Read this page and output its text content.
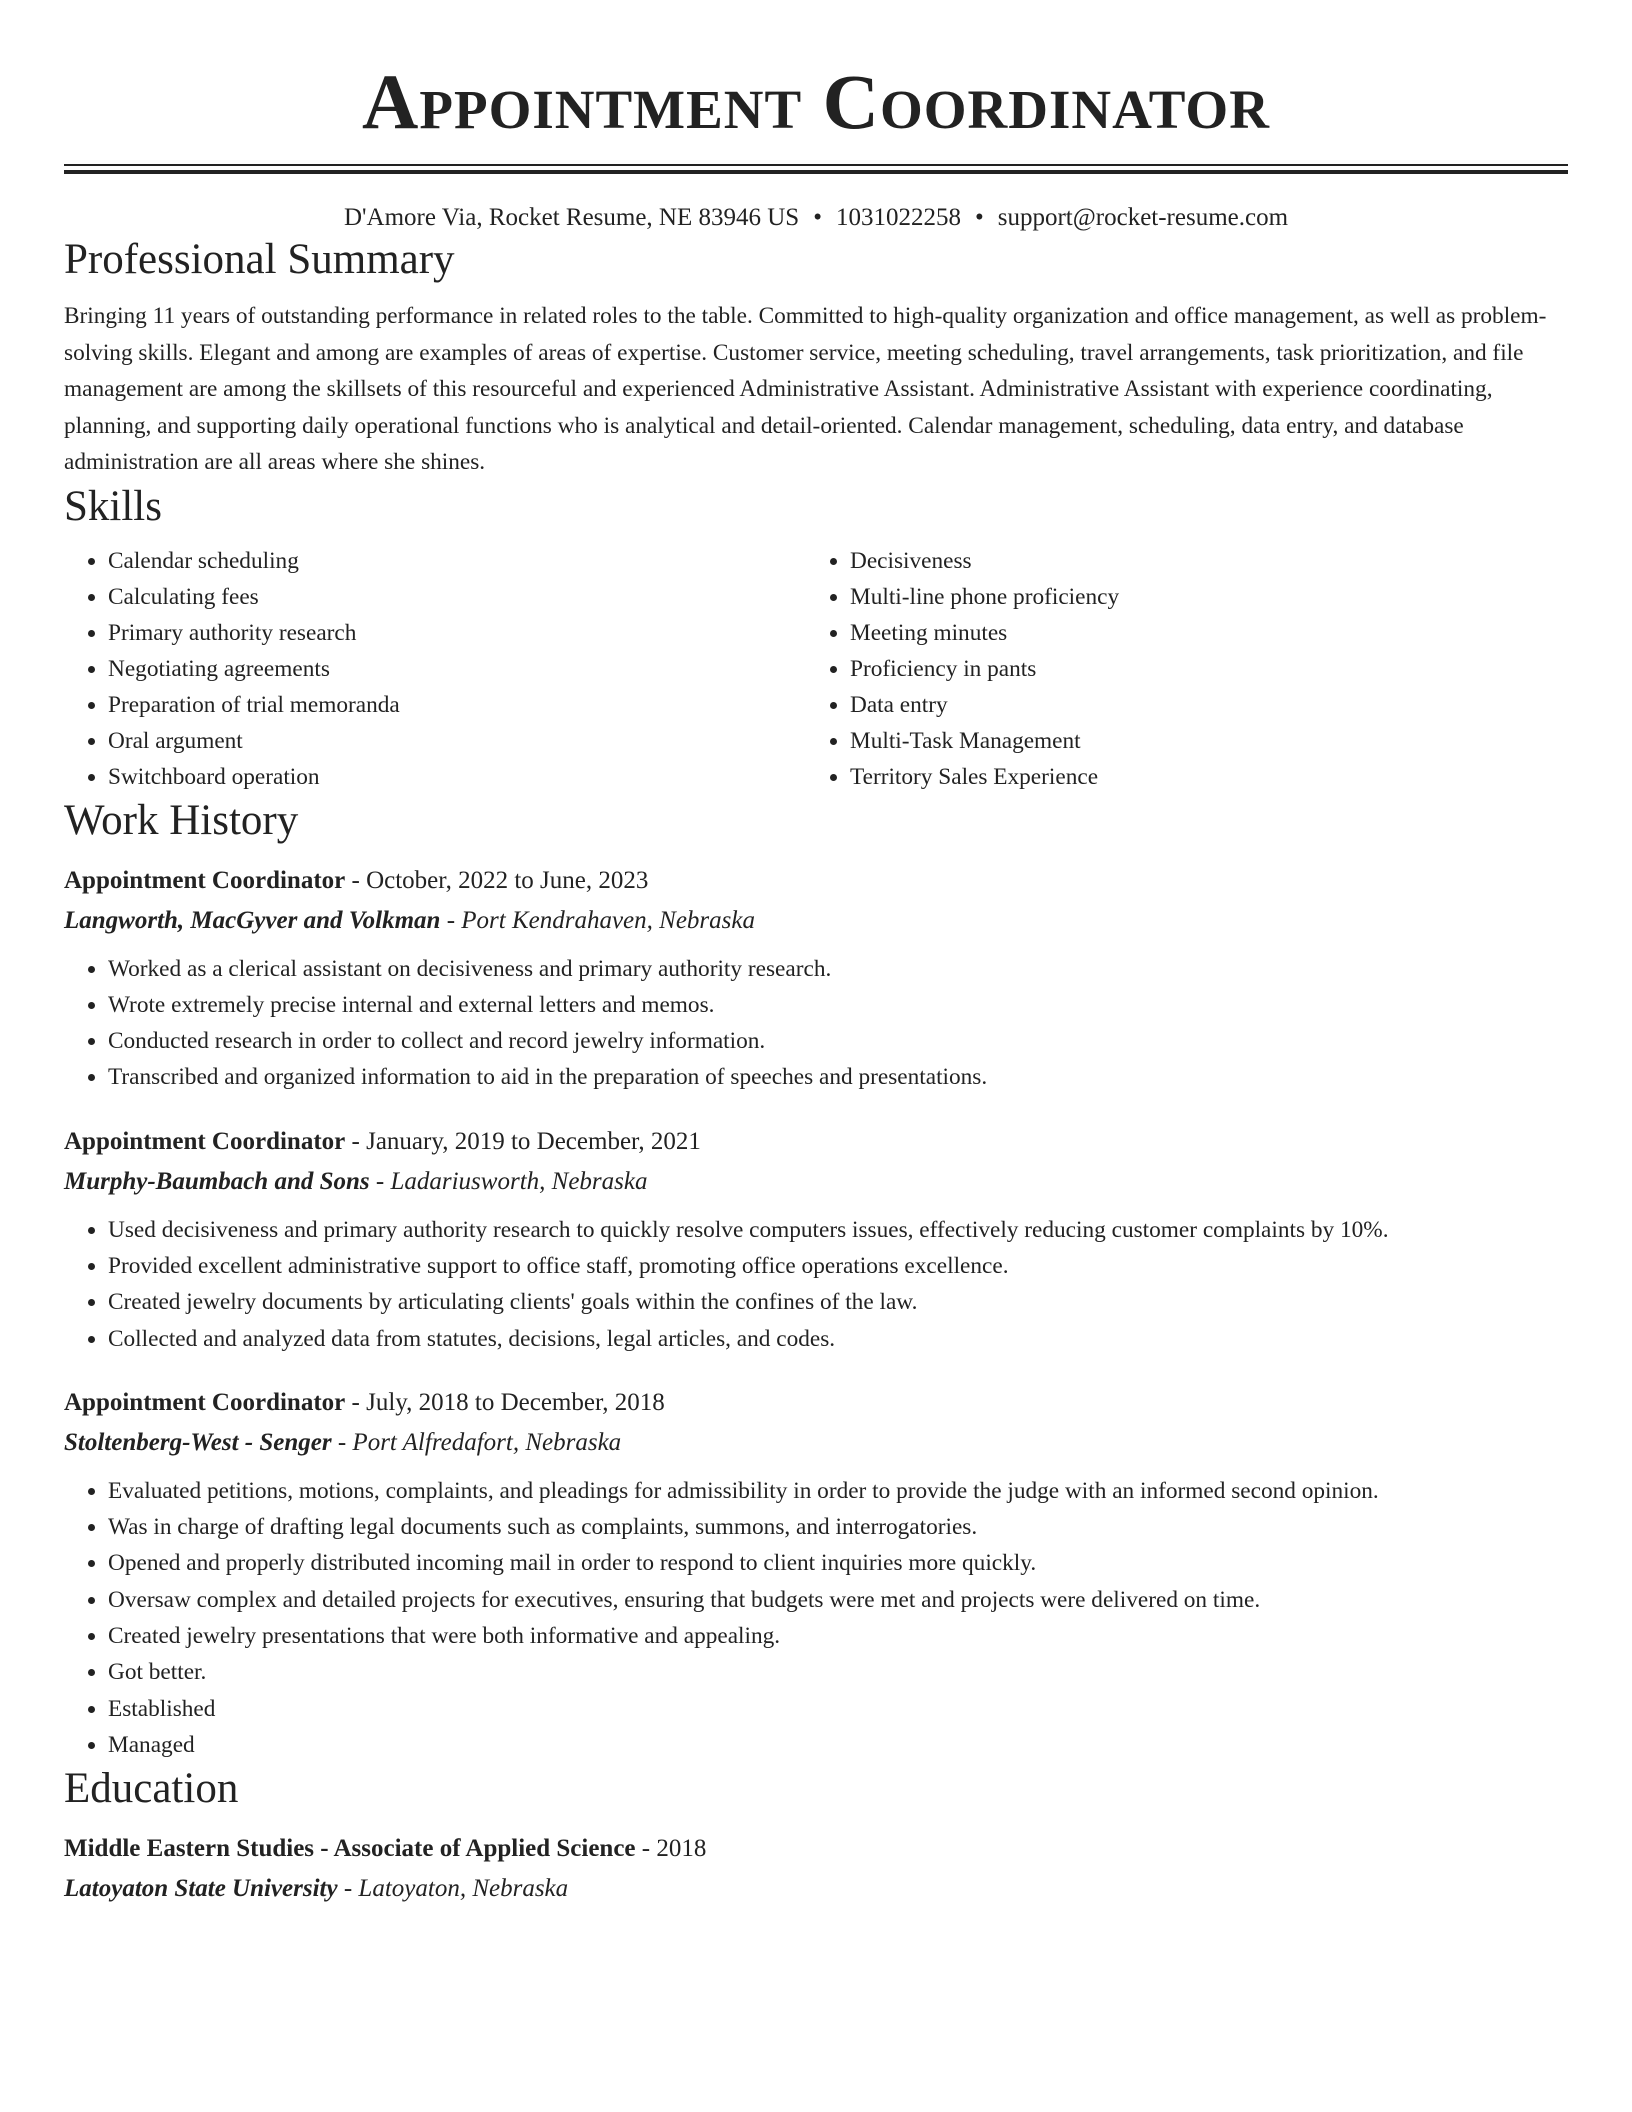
Appointment Coordinator
D'Amore Via, Rocket Resume, NE 83946 US • 1031022258 • support@rocket-resume.com
Professional Summary

Bringing 11 years of outstanding performance in related roles to the table. Committed to high-quality organization and office management, as well as problem-solving skills. Elegant and among are examples of areas of expertise. Customer service, meeting scheduling, travel arrangements, task prioritization, and file management are among the skillsets of this resourceful and experienced Administrative Assistant. Administrative Assistant with experience coordinating, planning, and supporting daily operational functions who is analytical and detail-oriented. Calendar management, scheduling, data entry, and database administration are all areas where she shines.

Skills
• Calendar scheduling
• Calculating fees
• Primary authority research
• Negotiating agreements
• Preparation of trial memoranda
• Oral argument
• Switchboard operation
• Decisiveness
• Multi-line phone proficiency
• Meeting minutes
• Proficiency in pants
• Data entry
• Multi-Task Management
• Territory Sales Experience
Work History
Appointment Coordinator - October, 2022 to June, 2023
Langworth, MacGyver and Volkman - Port Kendrahaven, Nebraska
• Worked as a clerical assistant on decisiveness and primary authority research.
• Wrote extremely precise internal and external letters and memos.
• Conducted research in order to collect and record jewelry information.
• Transcribed and organized information to aid in the preparation of speeches and presentations.
Appointment Coordinator - January, 2019 to December, 2021
Murphy-Baumbach and Sons - Ladariusworth, Nebraska
• Used decisiveness and primary authority research to quickly resolve computers issues, effectively reducing customer complaints by 10%.
• Provided excellent administrative support to office staff, promoting office operations excellence.
• Created jewelry documents by articulating clients' goals within the confines of the law.
• Collected and analyzed data from statutes, decisions, legal articles, and codes.
Appointment Coordinator - July, 2018 to December, 2018
Stoltenberg-West - Senger - Port Alfredafort, Nebraska
• Evaluated petitions, motions, complaints, and pleadings for admissibility in order to provide the judge with an informed second opinion.
• Was in charge of drafting legal documents such as complaints, summons, and interrogatories.
• Opened and properly distributed incoming mail in order to respond to client inquiries more quickly.
• Oversaw complex and detailed projects for executives, ensuring that budgets were met and projects were delivered on time.
• Created jewelry presentations that were both informative and appealing.
• Got better.
• Established
• Managed
Education
Middle Eastern Studies - Associate of Applied Science - 2018
Latoyaton State University - Latoyaton, Nebraska
